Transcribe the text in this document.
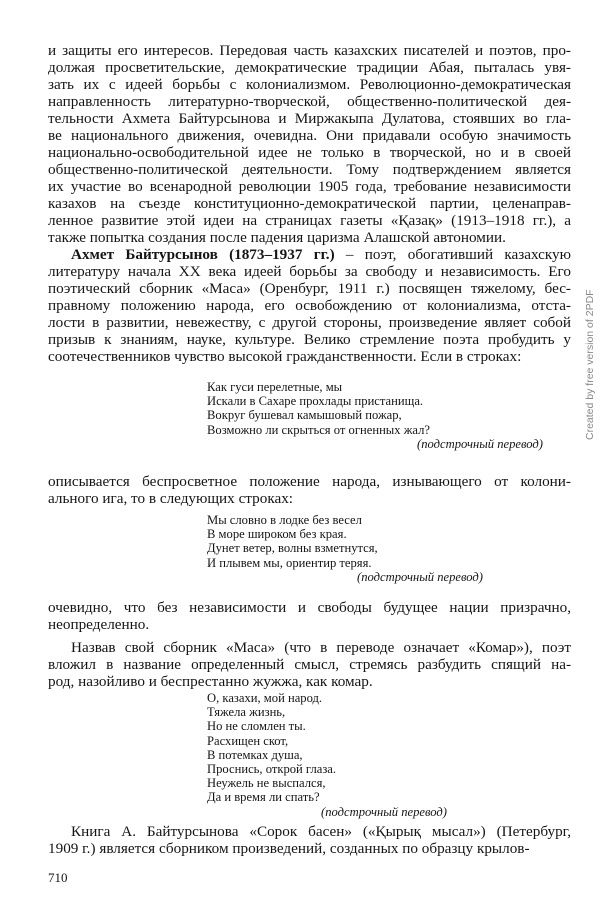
и защиты его интересов. Передовая часть казахских писателей и поэтов, про-
должая просветительские, демократические традиции Абая, пыталась увя-
зать их с идеей борьбы с колониализмом. Революционно-демократическая
направленность литературно-творческой, общественно-политической дея-
тельности Ахмета Байтурсынова и Миржакыпа Дулатова, стоявших во гла-
ве национального движения, очевидна. Они придавали особую значимость
национально-освободительной идее не только в творческой, но и в своей
общественно-политической деятельности. Тому подтверждением является
их участие во всенародной революции 1905 года, требование независимости
казахов на съезде конституционно-демократической партии, целенаправ-
ленное развитие этой идеи на страницах газеты «Қазақ» (1913–1918 гг.), а
также попытка создания после падения царизма Алашской автономии.
Ахмет Байтурсынов (1873–1937 гг.) – поэт, обогативший казахскую
литературу начала XX века идеей борьбы за свободу и независимость. Его
поэтический сборник «Маса» (Оренбург, 1911 г.) посвящен тяжелому, бес-
правному положению народа, его освобождению от колониализма, отста-
лости в развитии, невежеству, с другой стороны, произведение являет собой
призыв к знаниям, науке, культуре. Велико стремление поэта пробудить у
соотечественников чувство высокой гражданственности. Если в строках:
Как гуси перелетные, мы
Искали в Сахаре прохлады пристанища.
Вокруг бушевал камышовый пожар,
Возможно ли скрыться от огненных жал?
(подстрочный перевод)
описывается беспросветное положение народа, изнывающего от колони-
ального ига, то в следующих строках:
Мы словно в лодке без весел
В море широком без края.
Дунет ветер, волны взметнутся,
И плывем мы, ориентир теряя.
(подстрочный перевод)
очевидно, что без независимости и свободы будущее нации призрачно,
неопределенно.
Назвав свой сборник «Маса» (что в переводе означает «Комар»), поэт
вложил в название определенный смысл, стремясь разбудить спящий на-
род, назойливо и беспрестанно жужжа, как комар.
О, казахи, мой народ.
Тяжела жизнь,
Но не сломлен ты.
Расхищен скот,
В потемках душа,
Проснись, открой глаза.
Неужель не выспался,
Да и время ли спать?
(подстрочный перевод)
Книга А. Байтурсынова «Сорок басен» («Қырық мысал») (Петербург,
1909 г.) является сборником произведений, созданных по образцу крылов-
710
Created by free version of 2PDF
